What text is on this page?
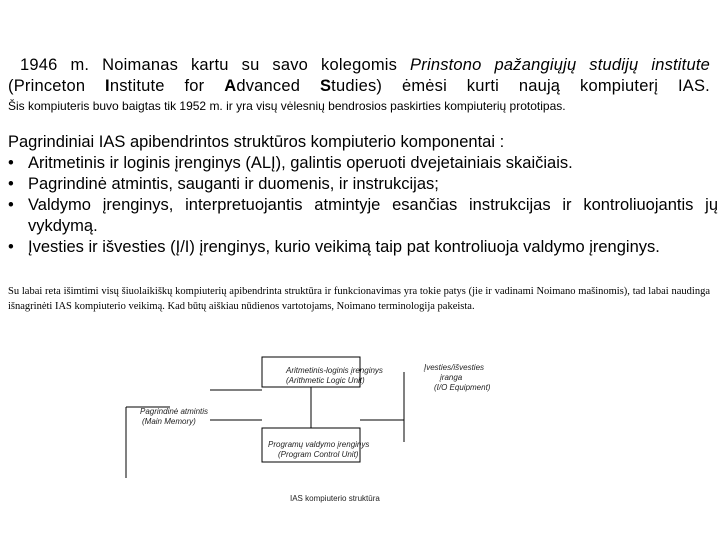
1946 m. Noimanas kartu su savo kolegomis Prinstono pažangiųjų studijų institute
(Princeton Institute for Advanced Studies) ėmėsi kurti naują kompiuterį IAS.
Šis kompiuteris buvo baigtas tik 1952 m. ir yra visų vėlesnių bendrosios paskirties kompiuterių prototipas.
Pagrindiniai IAS apibendrintos struktūros kompiuterio komponentai :
• Aritmetinis ir loginis įrenginys (ALĮ), galintis operuoti dvejetainiais skaičiais.
• Pagrindinė atmintis, sauganti ir duomenis, ir instrukcijas;
• Valdymo įrenginys, interpretuojantis atmintyje esančias instrukcijas ir kontroliuojantis jų vykdymą.
• Įvesties ir išvesties (Į/I) įrenginys, kurio veikimą taip pat kontroliuoja valdymo įrenginys.
Su labai reta išimtimi visų šiuolaikiškų kompiuterių apibendrinta struktūra ir funkcionavimas yra tokie patys (jie ir vadinami Noimano mašinomis), tad labai naudinga išnagrinėti IAS kompiuterio veikimą. Kad būtų aiškiau nūdienos vartotojams, Noimano terminologija pakeista.
Aritmetinis-loginis įrenginys
(Arithmetic Logic Unit)
Įvesties/išvesties
įranga
(I/O Equipment)
Pagrindinė atmintis
(Main Memory)
Programų valdymo įrenginys
(Program Control Unit)
IAS kompiuterio struktūra
